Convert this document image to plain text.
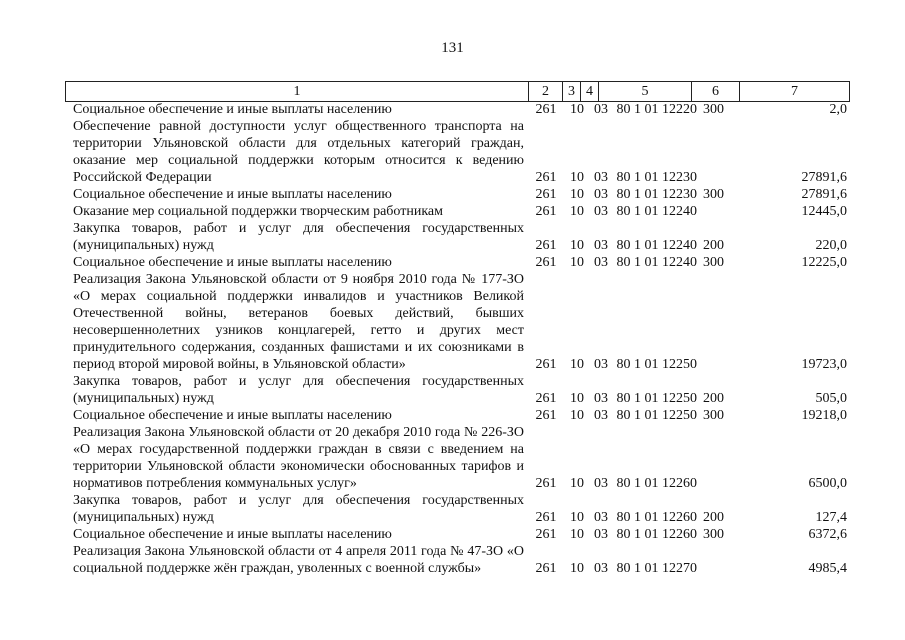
131
1	2	3	4	5	6	7
Социальное обеспечение и иные выплаты населению	261	10	03	80 1 01 12220	300	2,0
Обеспечение равной доступности услуг общественного транспорта на территории Ульяновской области для отдельных категорий граждан, оказание мер социальной поддержки которым относится к ведению Российской Федерации	261	10	03	80 1 01 12230		27891,6
Социальное обеспечение и иные выплаты населению	261	10	03	80 1 01 12230	300	27891,6
Оказание мер социальной поддержки творческим работникам	261	10	03	80 1 01 12240		12445,0
Закупка товаров, работ и услуг для обеспечения государственных (муниципальных) нужд	261	10	03	80 1 01 12240	200	220,0
Социальное обеспечение и иные выплаты населению	261	10	03	80 1 01 12240	300	12225,0
Реализация Закона Ульяновской области от 9 ноября 2010 года № 177-ЗО «О мерах социальной поддержки инвалидов и участников Великой Отечественной войны, ветеранов боевых действий, бывших несовершеннолетних узников концлагерей, гетто и других мест принудительного содержания, созданных фашистами и их союзниками в период второй мировой войны, в Ульяновской области»	261	10	03	80 1 01 12250		19723,0
Закупка товаров, работ и услуг для обеспечения государственных (муниципальных) нужд	261	10	03	80 1 01 12250	200	505,0
Социальное обеспечение и иные выплаты населению	261	10	03	80 1 01 12250	300	19218,0
Реализация Закона Ульяновской области от 20 декабря 2010 года № 226-ЗО «О мерах государственной поддержки граждан в связи с введением на территории Ульяновской области экономически обоснованных тарифов и нормативов потребления коммунальных услуг»	261	10	03	80 1 01 12260		6500,0
Закупка товаров, работ и услуг для обеспечения государственных (муниципальных) нужд	261	10	03	80 1 01 12260	200	127,4
Социальное обеспечение и иные выплаты населению	261	10	03	80 1 01 12260	300	6372,6
Реализация Закона Ульяновской области от 4 апреля 2011 года № 47-ЗО «О социальной поддержке жён граждан, уволенных с военной службы»	261	10	03	80 1 01 12270		4985,4
